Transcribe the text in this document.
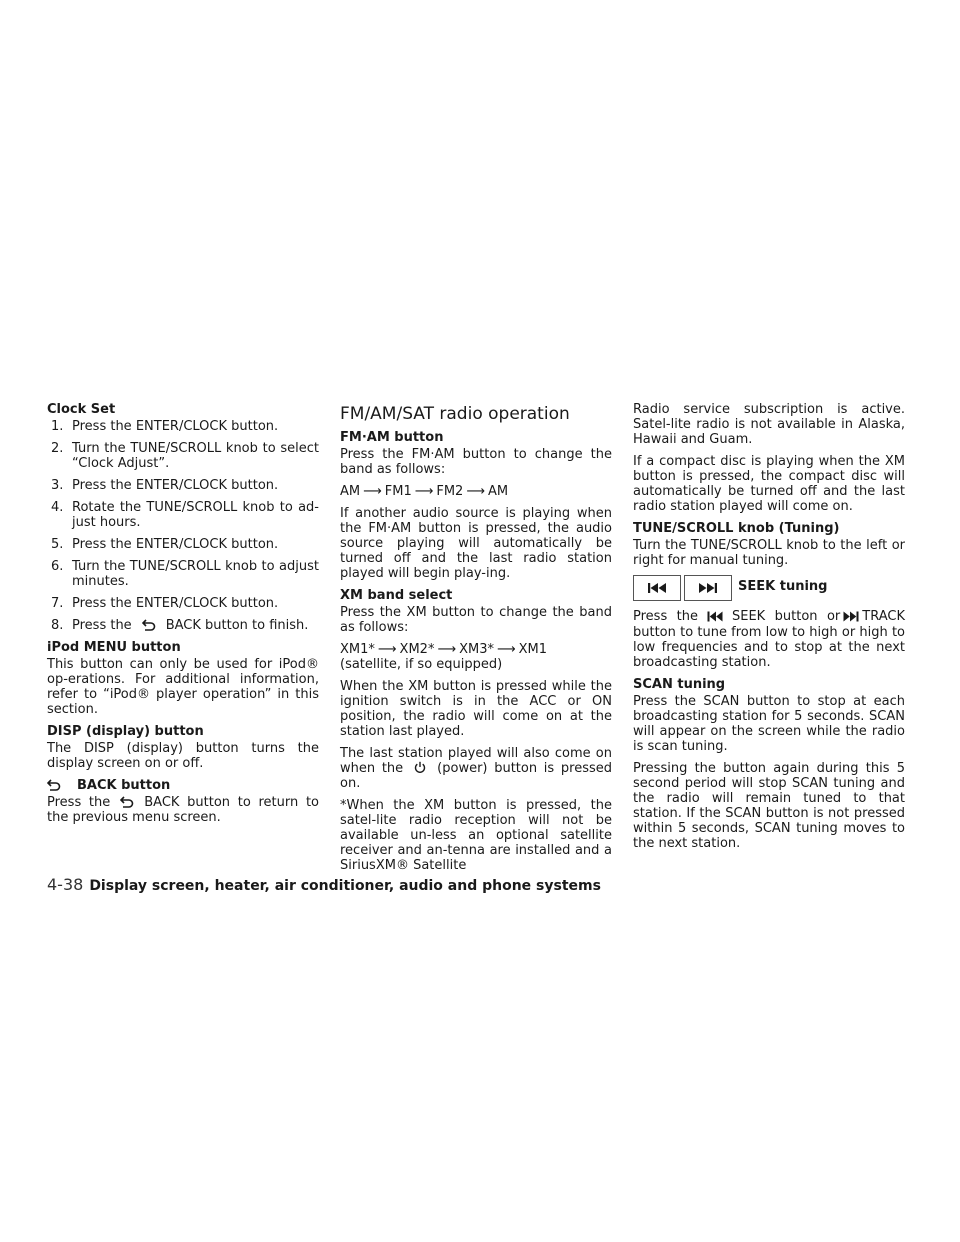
Clock Set

1. Press the ENTER/CLOCK button.
2. Turn the TUNE/SCROLL knob to select “Clock Adjust”.
3. Press the ENTER/CLOCK button.
4. Rotate the TUNE/SCROLL knob to ad-just hours.
5. Press the ENTER/CLOCK button.
6. Turn the TUNE/SCROLL knob to adjust minutes.
7. Press the ENTER/CLOCK button.
8. Press the	BACK button to finish.

iPod MENU button

This button can only be used for iPod® op-erations. For additional information, refer to “iPod® player operation” in this section.

DISP (display) button

The DISP (display) button turns the display screen on or off.

BACK button

Press the	BACK button to return to the previous menu screen.

FM/AM/SAT radio operation

FM·AM button

Press the FM·AM button to change the band as follows:

AM ⟶ FM1 ⟶ FM2 ⟶ AM

If another audio source is playing when the FM·AM button is pressed, the audio source playing will automatically be turned off and the last radio station played will begin play-ing.

XM band select

Press the XM button to change the band as follows:

XM1* ⟶ XM2* ⟶ XM3* ⟶ XM1 (satellite, if so equipped)

When the XM button is pressed while the ignition switch is in the ACC or ON position, the radio will come on at the station last played.

The last station played will also come on when the	(power) button is pressed on.

*When the XM button is pressed, the satel-lite radio reception will not be available un-less an optional satellite receiver and an-tenna are installed and a SiriusXM® Satellite

Radio service subscription is active. Satel-lite radio is not available in Alaska, Hawaii and Guam.

If a compact disc is playing when the XM button is pressed, the compact disc will automatically be turned off and the last radio station played will come on.

TUNE/SCROLL knob (Tuning)

Turn the TUNE/SCROLL knob to the left or right for manual tuning.

SEEK tuning

Press the	SEEK button or TRACK button to tune from low to high or high to low frequencies and to stop at the next broadcasting station.

SCAN tuning

Press the SCAN button to stop at each broadcasting station for 5 seconds. SCAN will appear on the screen while the radio is scan tuning.

Pressing the button again during this 5 second period will stop SCAN tuning and the radio will remain tuned to that station. If the SCAN button is not pressed within 5 seconds, SCAN tuning moves to the next station.

4-38 Display screen, heater, air conditioner, audio and phone systems
